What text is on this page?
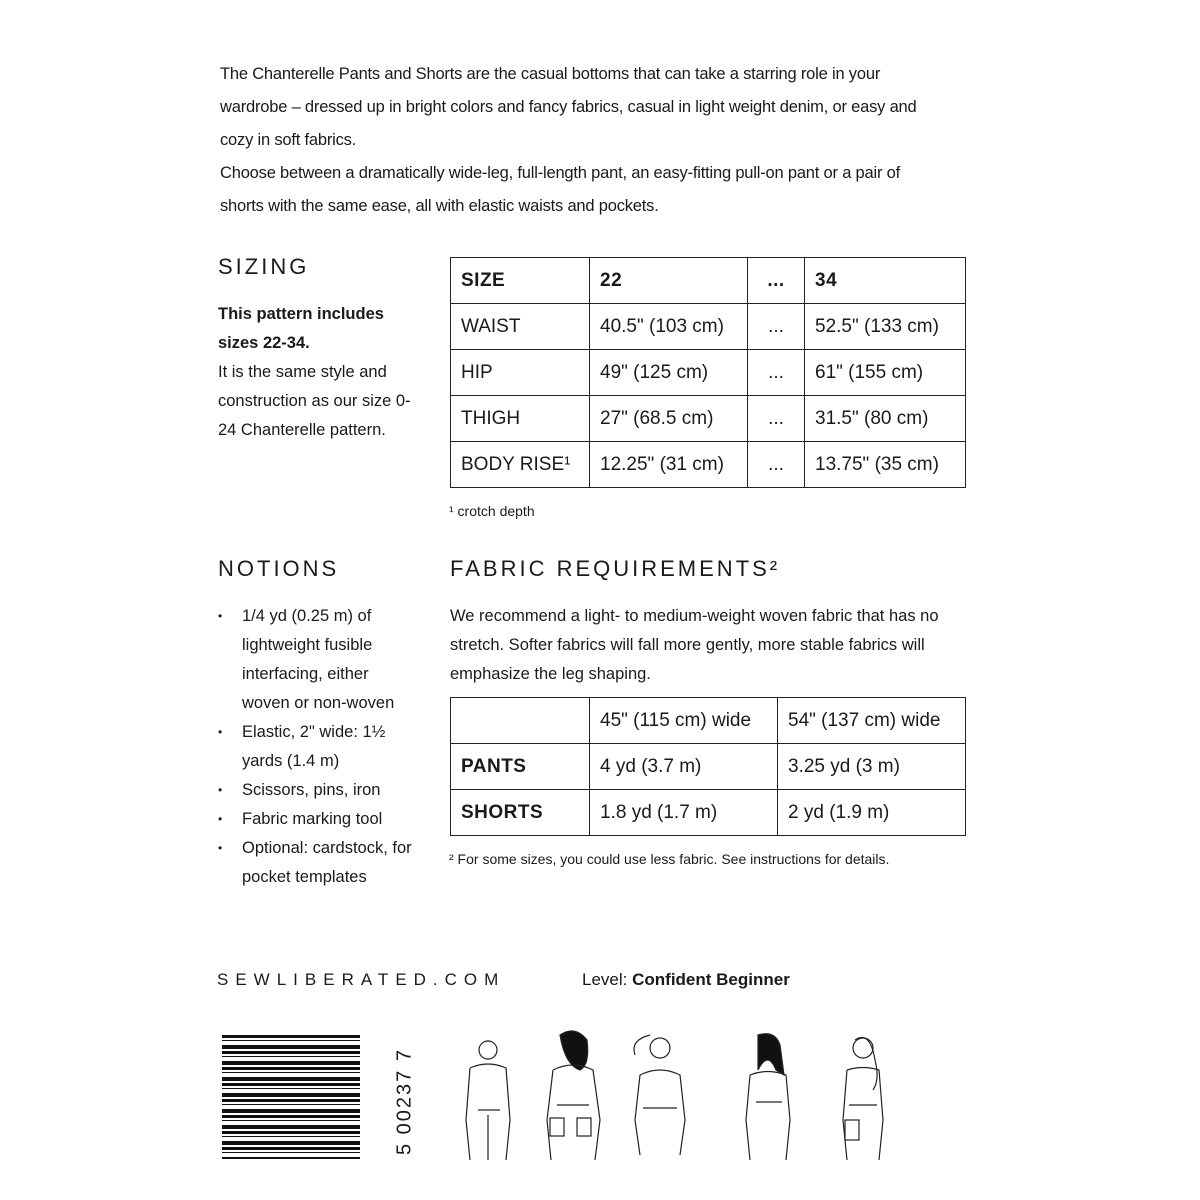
The Chanterelle Pants and Shorts are the casual bottoms that can take a starring role in your wardrobe – dressed up in bright colors and fancy fabrics, casual in light weight denim, or easy and cozy in soft fabrics.

Choose between a dramatically wide-leg, full-length pant, an easy-fitting pull-on pant or a pair of shorts with the same ease, all with elastic waists and pockets.

SIZING
This pattern includes sizes 22-34.
It is the same style and construction as our size 0-24 Chanterelle pattern.
SIZE	22	...	34
WAIST	40.5" (103 cm)	...	52.5" (133 cm)
HIP	49" (125 cm)	...	61" (155 cm)
THIGH	27" (68.5 cm)	...	31.5" (80 cm)
BODY RISE¹	12.25" (31 cm)	...	13.75" (35 cm)
¹ crotch depth
NOTIONS
• 1/4 yd (0.25 m) of lightweight fusible interfacing, either woven or non-woven
• Elastic, 2" wide: 1½ yards (1.4 m)
• Scissors, pins, iron
• Fabric marking tool
• Optional: cardstock, for pocket templates
FABRIC REQUIREMENTS²
We recommend a light- to medium-weight woven fabric that has no stretch. Softer fabrics will fall more gently, more stable fabrics will emphasize the leg shaping.
	45" (115 cm) wide	54" (137 cm) wide
PANTS	4 yd (3.7 m)	3.25 yd (3 m)
SHORTS	1.8 yd (1.7 m)	2 yd (1.9 m)
² For some sizes, you could use less fabric. See instructions for details.
SEWLIBERATED.COM	Level: Confident Beginner
5 00237 7
